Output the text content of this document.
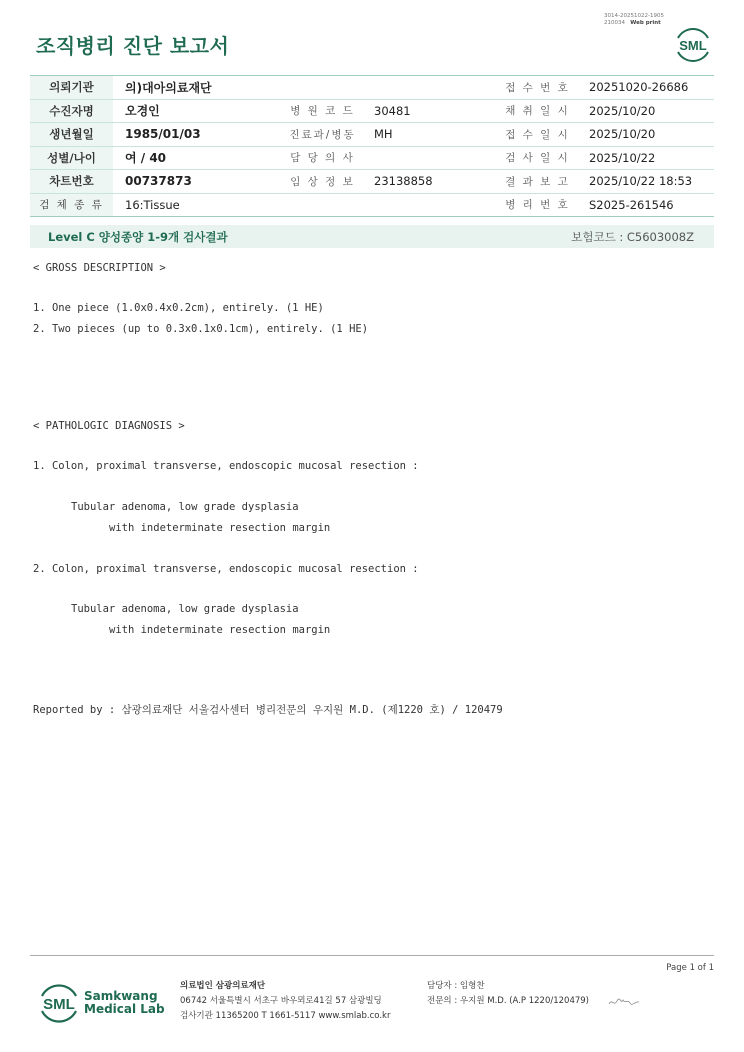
3014-20251022-1905
210034 Web print
조직병리 진단 보고서	SML
의뢰기관	의)대아의료재단			접 수 번 호	20251020-26686
수진자명	오경인	병 원 코 드	30481	채 취 일 시	2025/10/20
생년월일	1985/01/03	진료과/병동	MH	접 수 일 시	2025/10/20
성별/나이	여 / 40	담 당 의 사		검 사 일 시	2025/10/22
차트번호	00737873	임 상 정 보	23138858	결 과 보 고	2025/10/22 18:53
검 체 종 류	16:Tissue			병 리 번 호	S2025-261546
Level C 양성종양 1-9개 검사결과	보험코드 : C5603008Z
< GROSS DESCRIPTION >
1. One piece (1.0x0.4x0.2cm), entirely. (1 HE)
2. Two pieces (up to 0.3x0.1x0.1cm), entirely. (1 HE)
< PATHOLOGIC DIAGNOSIS >
1. Colon, proximal transverse, endoscopic mucosal resection :
Tubular adenoma, low grade dysplasia
with indeterminate resection margin
2. Colon, proximal transverse, endoscopic mucosal resection :
Tubular adenoma, low grade dysplasia
with indeterminate resection margin
Reported by : 삼광의료재단 서울검사센터 병리전문의 우지원 M.D. (제1220 호) / 120479
Page 1 of 1
SML Samkwang
Medical Lab
의료법인 삼광의료재단
06742 서울특별시 서초구 바우뫼로41길 57 삼광빌딩
검사기관 11365200 T 1661-5117 www.smlab.co.kr
담당자 : 임형찬
전문의 : 우지원 M.D. (A.P 1220/120479)
